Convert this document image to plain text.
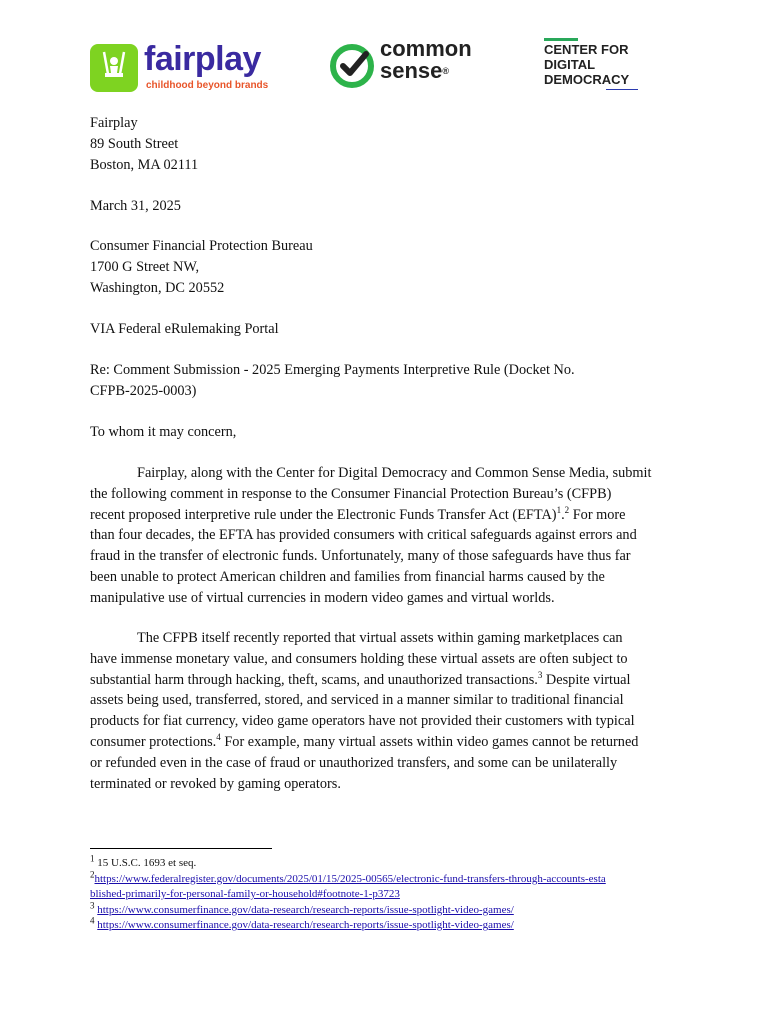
fairplay
childhood beyond brands
common
sense®
CENTER FOR
DIGITAL
DEMOCRACY
Fairplay
89 South Street
Boston, MA 02111
March 31, 2025
Consumer Financial Protection Bureau
1700 G Street NW,
Washington, DC 20552
VIA Federal eRulemaking Portal
Re: Comment Submission - 2025 Emerging Payments Interpretive Rule (Docket No.
CFPB-2025-0003)
To whom it may concern,
Fairplay, along with the Center for Digital Democracy and Common Sense Media, submit
the following comment in response to the Consumer Financial Protection Bureau’s (CFPB)
recent proposed interpretive rule under the Electronic Funds Transfer Act (EFTA)$^1$.$^2$ For more
than four decades, the EFTA has provided consumers with critical safeguards against errors and
fraud in the transfer of electronic funds. Unfortunately, many of those safeguards have thus far
been unable to protect American children and families from financial harms caused by the
manipulative use of virtual currencies in modern video games and virtual worlds.
The CFPB itself recently reported that virtual assets within gaming marketplaces can
have immense monetary value, and consumers holding these virtual assets are often subject to
substantial harm through hacking, theft, scams, and unauthorized transactions.$^3$ Despite virtual
assets being used, transferred, stored, and serviced in a manner similar to traditional financial
products for fiat currency, video game operators have not provided their customers with typical
consumer protections.$^4$ For example, many virtual assets within video games cannot be returned
or refunded even in the case of fraud or unauthorized transfers, and some can be unilaterally
terminated or revoked by gaming operators.
$^1$ 15 U.S.C. 1693 et seq.
$^2$https://www.federalregister.gov/documents/2025/01/15/2025-00565/electronic-fund-transfers-through-accounts-esta
blished-primarily-for-personal-family-or-household#footnote-1-p3723
$^3$ https://www.consumerfinance.gov/data-research/research-reports/issue-spotlight-video-games/
$^4$ https://www.consumerfinance.gov/data-research/research-reports/issue-spotlight-video-games/
